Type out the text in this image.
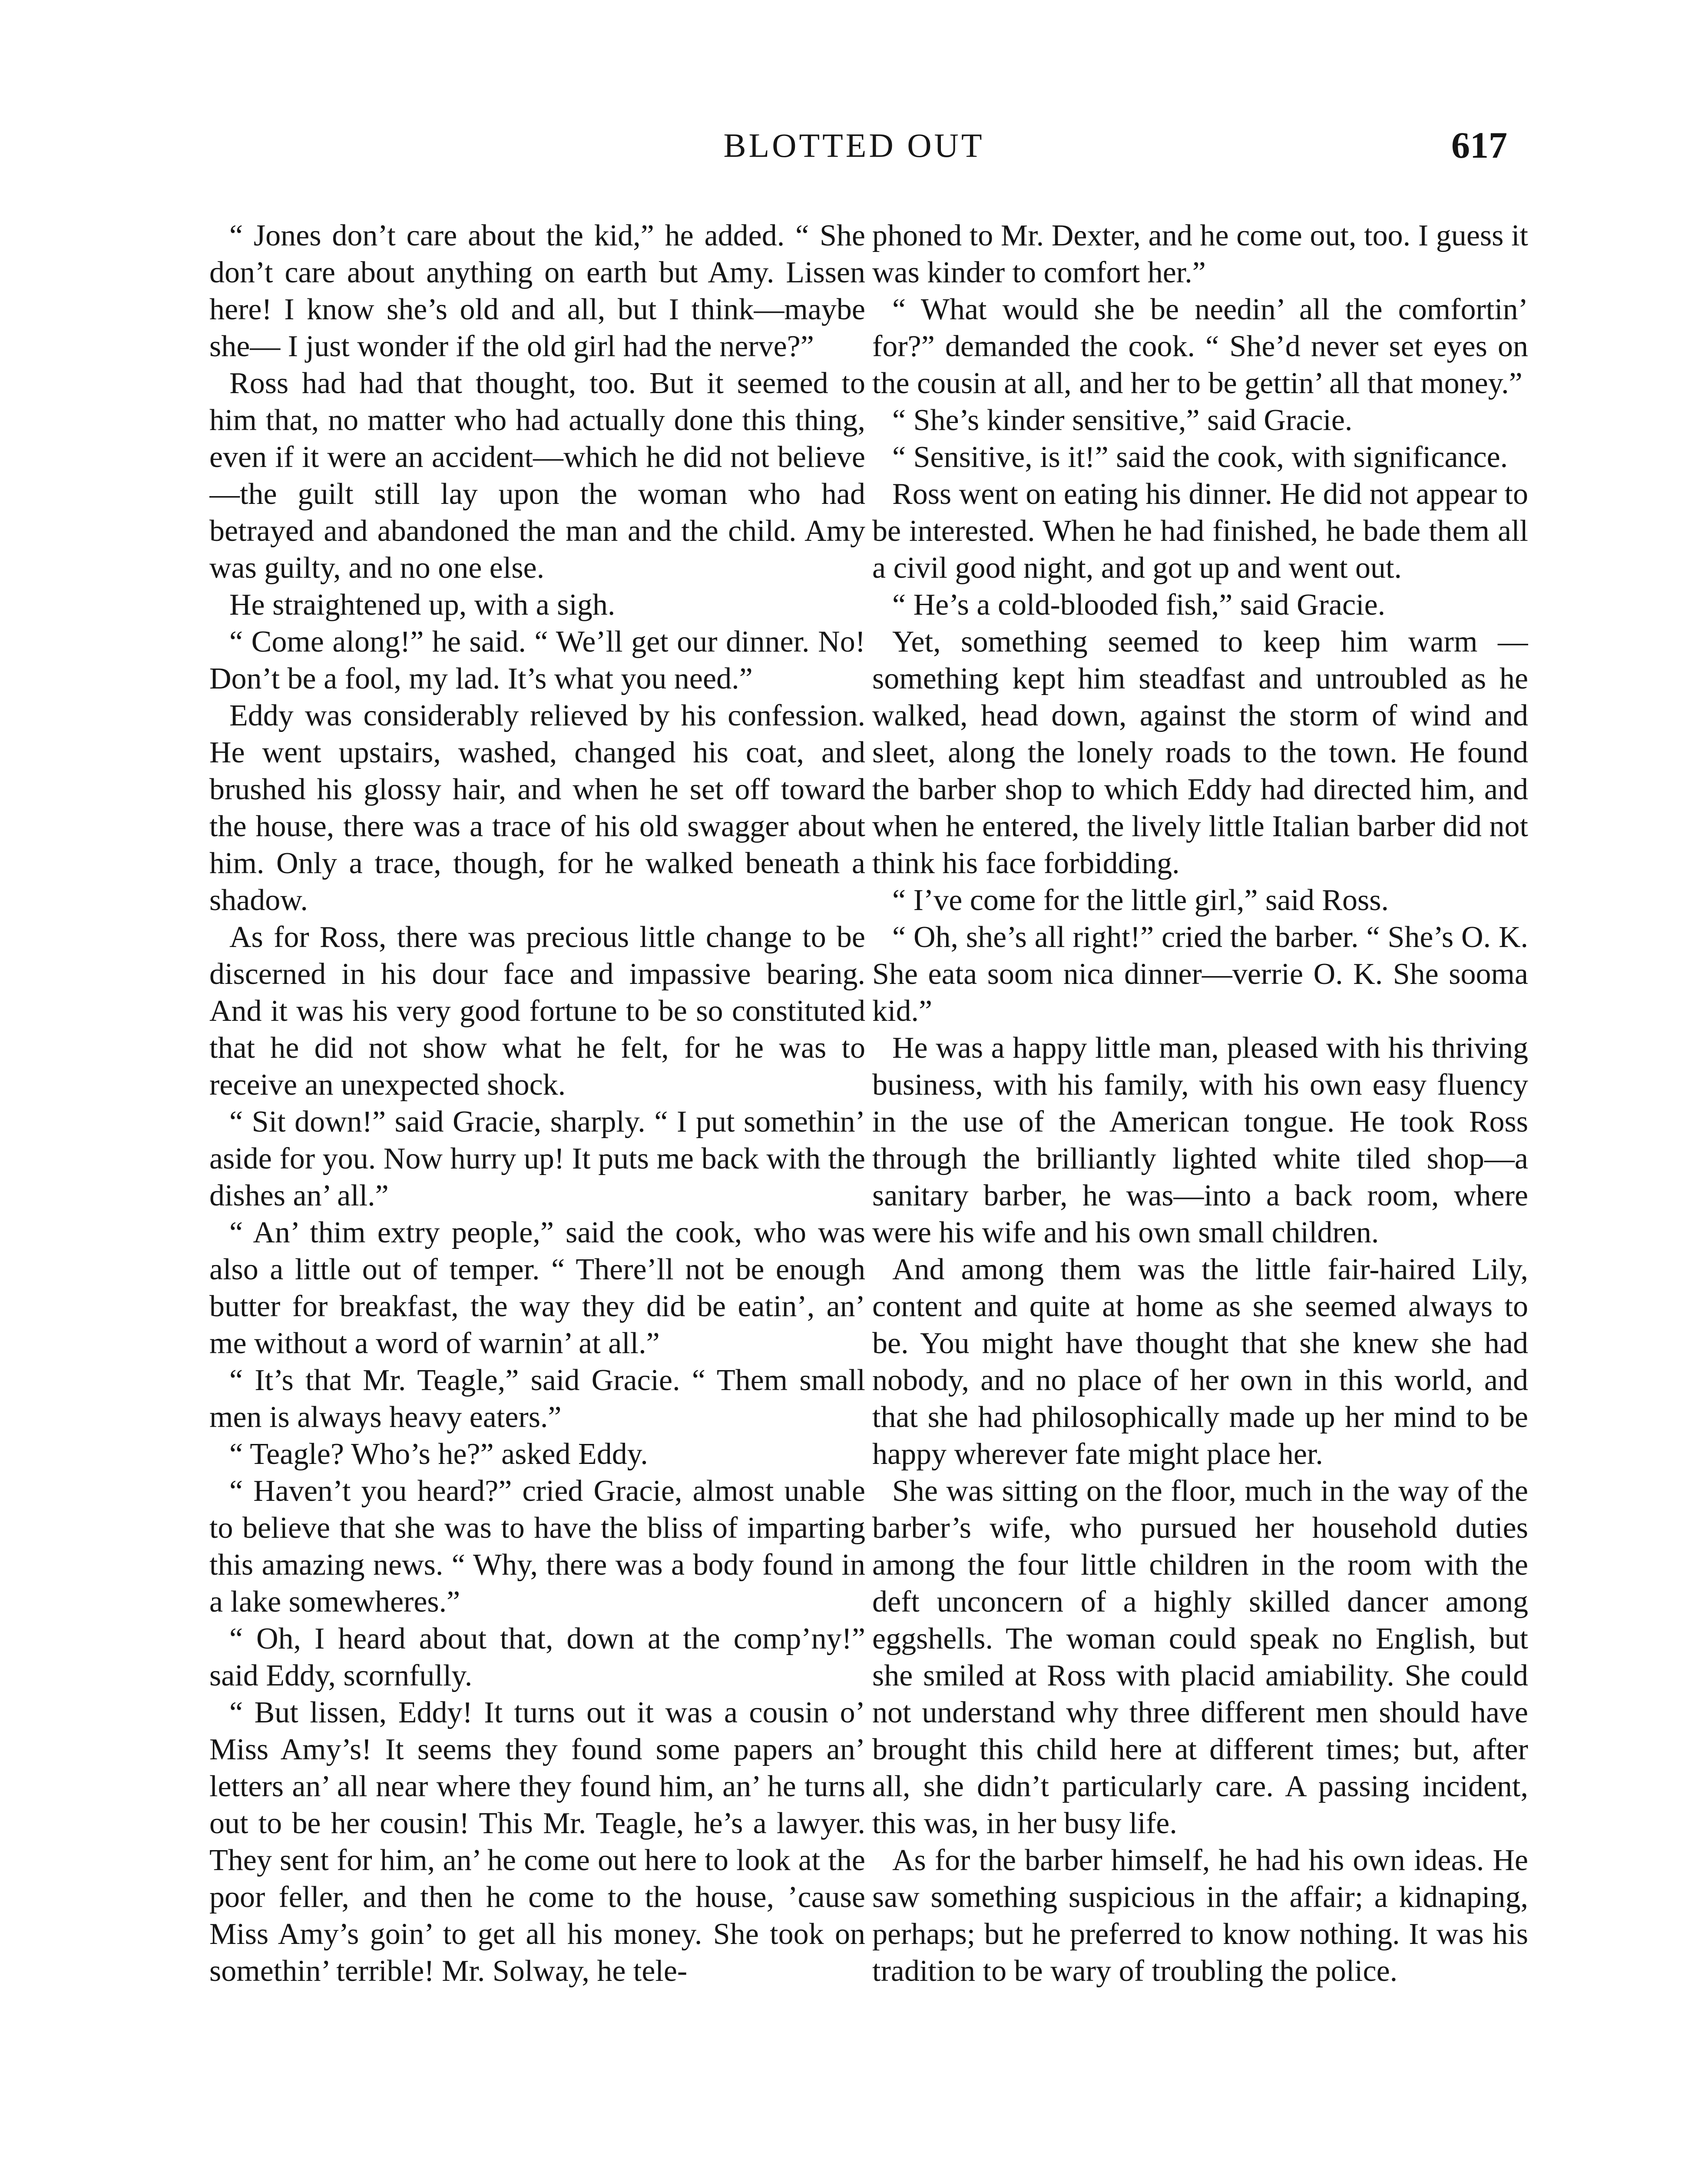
BLOTTED OUT	617

“ Jones don’t care about the kid,” he added. “ She don’t care about anything on earth but Amy. Lissen here! I know she’s old and all, but I think—maybe she— I just wonder if the old girl had the nerve?”

Ross had had that thought, too. But it seemed to him that, no matter who had actually done this thing, even if it were an accident—which he did not believe—the guilt still lay upon the woman who had betrayed and abandoned the man and the child. Amy was guilty, and no one else.

He straightened up, with a sigh.

“ Come along!” he said. “ We’ll get our dinner. No! Don’t be a fool, my lad. It’s what you need.”

Eddy was considerably relieved by his confession. He went upstairs, washed, changed his coat, and brushed his glossy hair, and when he set off toward the house, there was a trace of his old swagger about him. Only a trace, though, for he walked beneath a shadow.

As for Ross, there was precious little change to be discerned in his dour face and impassive bearing. And it was his very good fortune to be so constituted that he did not show what he felt, for he was to receive an unexpected shock.

“ Sit down!” said Gracie, sharply. “ I put somethin’ aside for you. Now hurry up! It puts me back with the dishes an’ all.”

“ An’ thim extry people,” said the cook, who was also a little out of temper. “ There’ll not be enough butter for breakfast, the way they did be eatin’, an’ me without a word of warnin’ at all.”

“ It’s that Mr. Teagle,” said Gracie. “ Them small men is always heavy eaters.”

“ Teagle? Who’s he?” asked Eddy.

“ Haven’t you heard?” cried Gracie, almost unable to believe that she was to have the bliss of imparting this amazing news. “ Why, there was a body found in a lake somewheres.”

“ Oh, I heard about that, down at the comp’ny!” said Eddy, scornfully.

“ But lissen, Eddy! It turns out it was a cousin o’ Miss Amy’s! It seems they found some papers an’ letters an’ all near where they found him, an’ he turns out to be her cousin! This Mr. Teagle, he’s a lawyer. They sent for him, an’ he come out here to look at the poor feller, and then he come to the house, ’cause Miss Amy’s goin’ to get all his money. She took on somethin’ terrible! Mr. Solway, he tele-

phoned to Mr. Dexter, and he come out, too. I guess it was kinder to comfort her.”

“ What would she be needin’ all the comfortin’ for?” demanded the cook. “ She’d never set eyes on the cousin at all, and her to be gettin’ all that money.”

“ She’s kinder sensitive,” said Gracie.

“ Sensitive, is it!” said the cook, with significance.

Ross went on eating his dinner. He did not appear to be interested. When he had finished, he bade them all a civil good night, and got up and went out.

“ He’s a cold-blooded fish,” said Gracie.

Yet, something seemed to keep him warm —something kept him steadfast and untroubled as he walked, head down, against the storm of wind and sleet, along the lonely roads to the town. He found the barber shop to which Eddy had directed him, and when he entered, the lively little Italian barber did not think his face forbidding.

“ I’ve come for the little girl,” said Ross.

“ Oh, she’s all right!” cried the barber. “ She’s O. K. She eata soom nica dinner—verrie O. K. She sooma kid.”

He was a happy little man, pleased with his thriving business, with his family, with his own easy fluency in the use of the American tongue. He took Ross through the brilliantly lighted white tiled shop—a sanitary barber, he was—into a back room, where were his wife and his own small children.

And among them was the little fair-haired Lily, content and quite at home as she seemed always to be. You might have thought that she knew she had nobody, and no place of her own in this world, and that she had philosophically made up her mind to be happy wherever fate might place her.

She was sitting on the floor, much in the way of the barber’s wife, who pursued her household duties among the four little children in the room with the deft unconcern of a highly skilled dancer among eggshells. The woman could speak no English, but she smiled at Ross with placid amiability. She could not understand why three different men should have brought this child here at different times; but, after all, she didn’t particularly care. A passing incident, this was, in her busy life.

As for the barber himself, he had his own ideas. He saw something suspicious in the affair; a kidnaping, perhaps; but he preferred to know nothing. It was his tradition to be wary of troubling the police.
